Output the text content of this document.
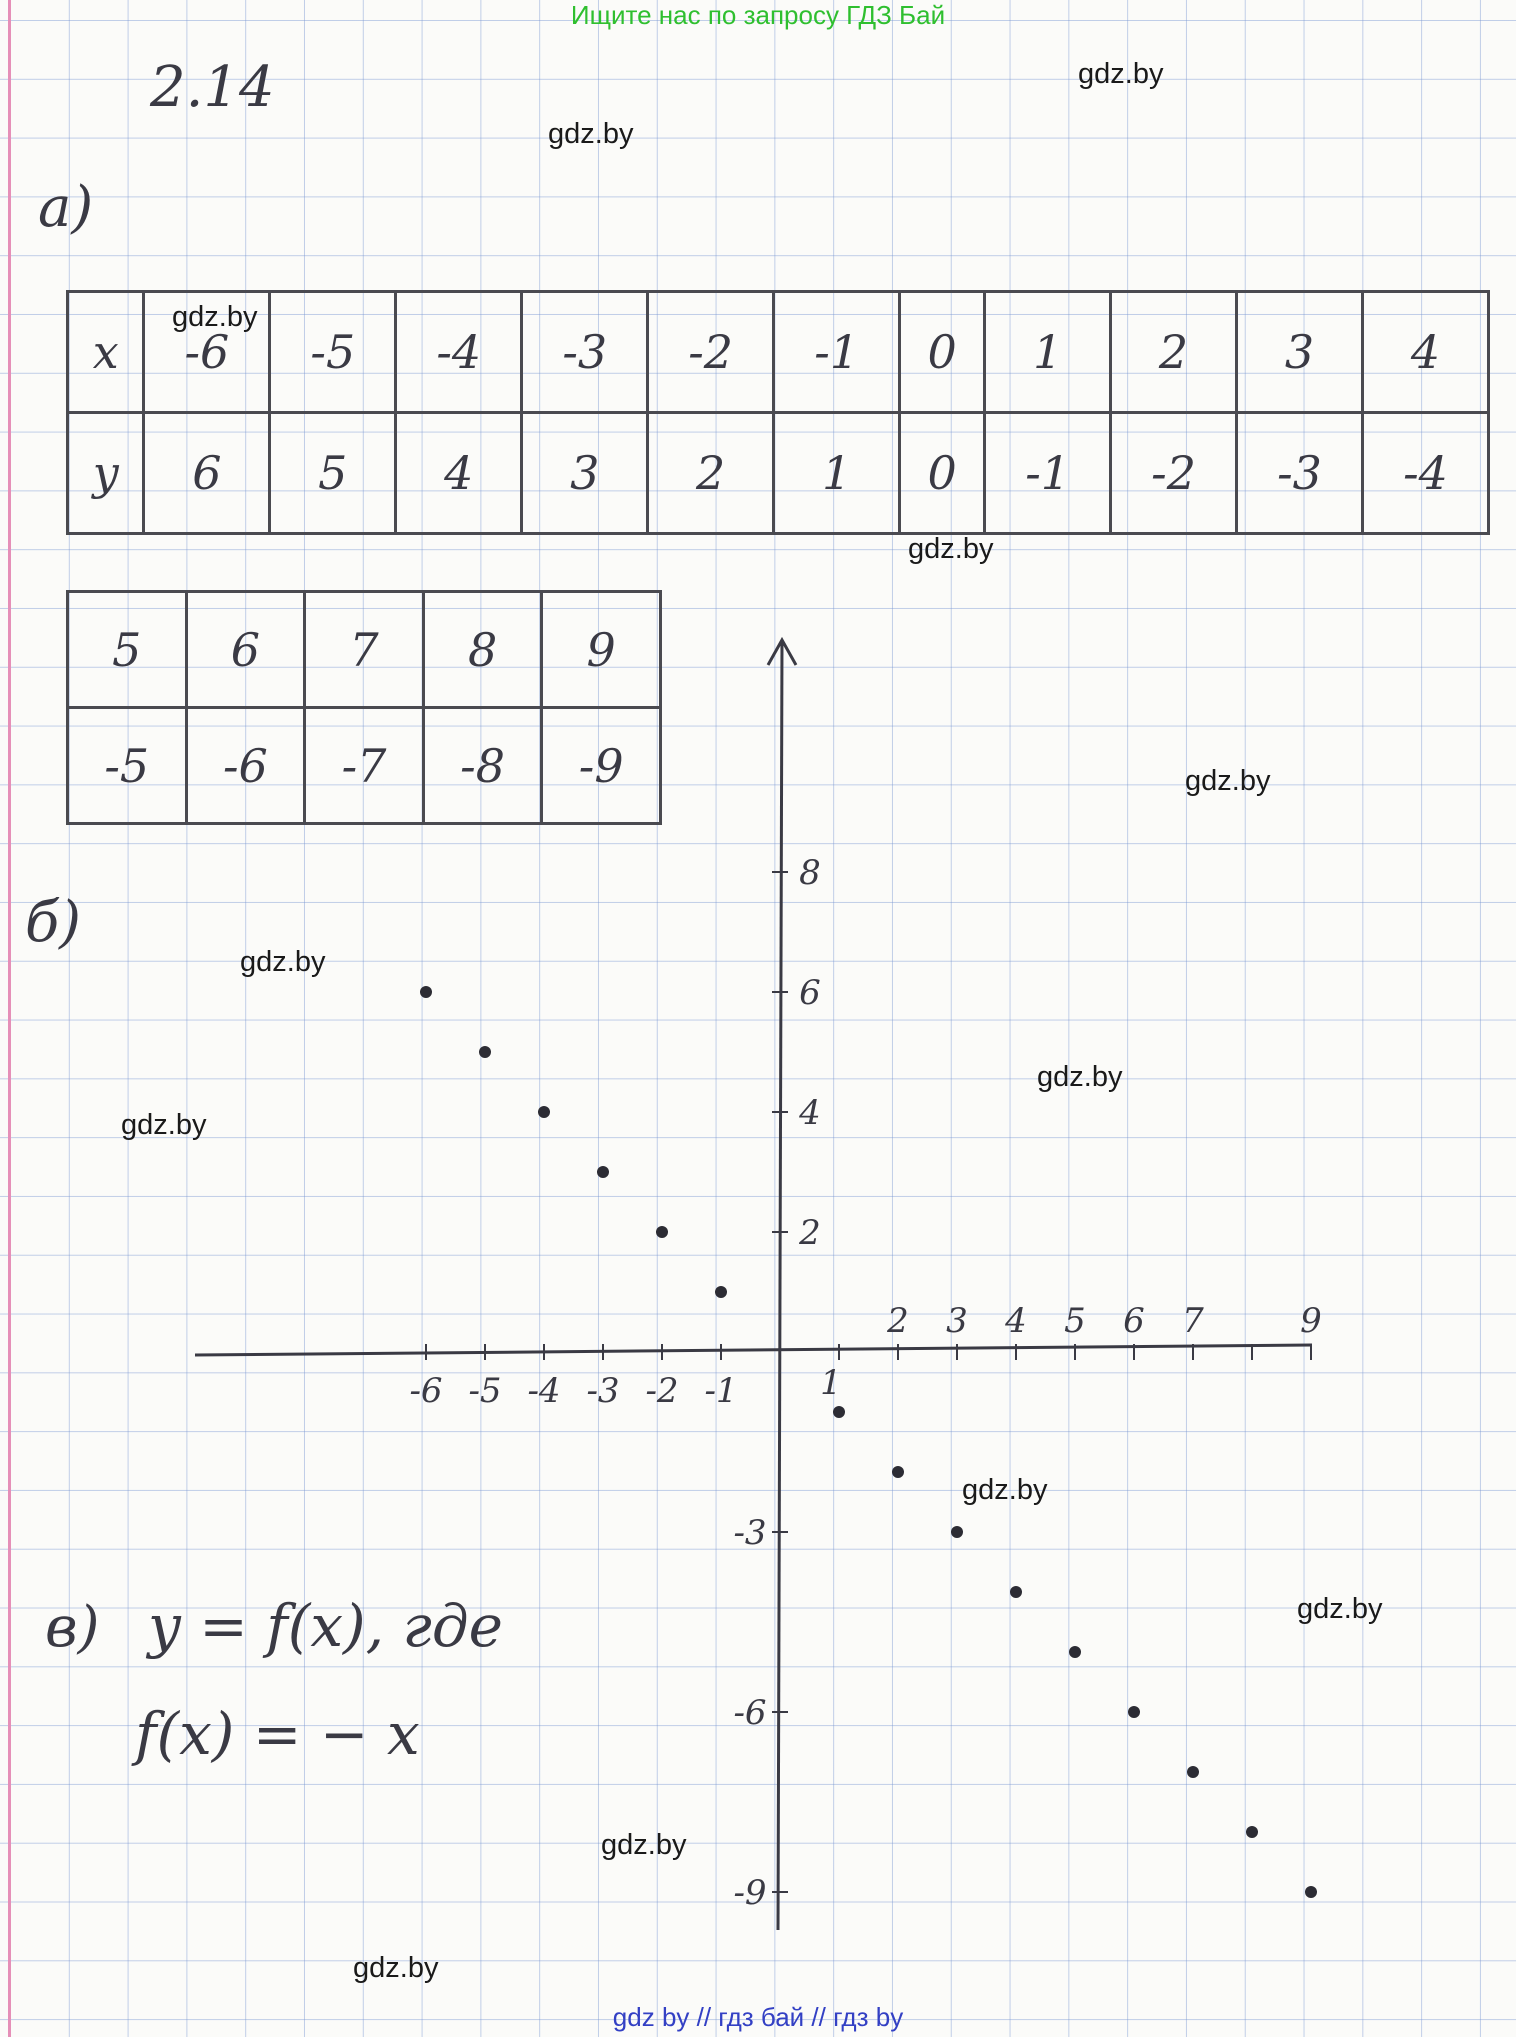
Ищите нас по запросу ГДЗ Бай
gdz.by
gdz.by
gdz.by
gdz.by
gdz.by
gdz.by
gdz.by
gdz.by
gdz.by
gdz.by
gdz.by
gdz.by
2.14
а)
б)
в) y = f(x), где
f(x) = − x
x	-6	-5	-4	-3	-2	-1	0	1	2	3	4
y	6	5	4	3	2	1	0	-1	-2	-3	-4
5	6	7	8	9
-5	-6	-7	-8	-9
1
2 3 4 5 6 7	9
-6 -5 -4 -3 -2 -1
8
6
4
2
-3
-6
-9
gdz by // гдз бай // гдз by
